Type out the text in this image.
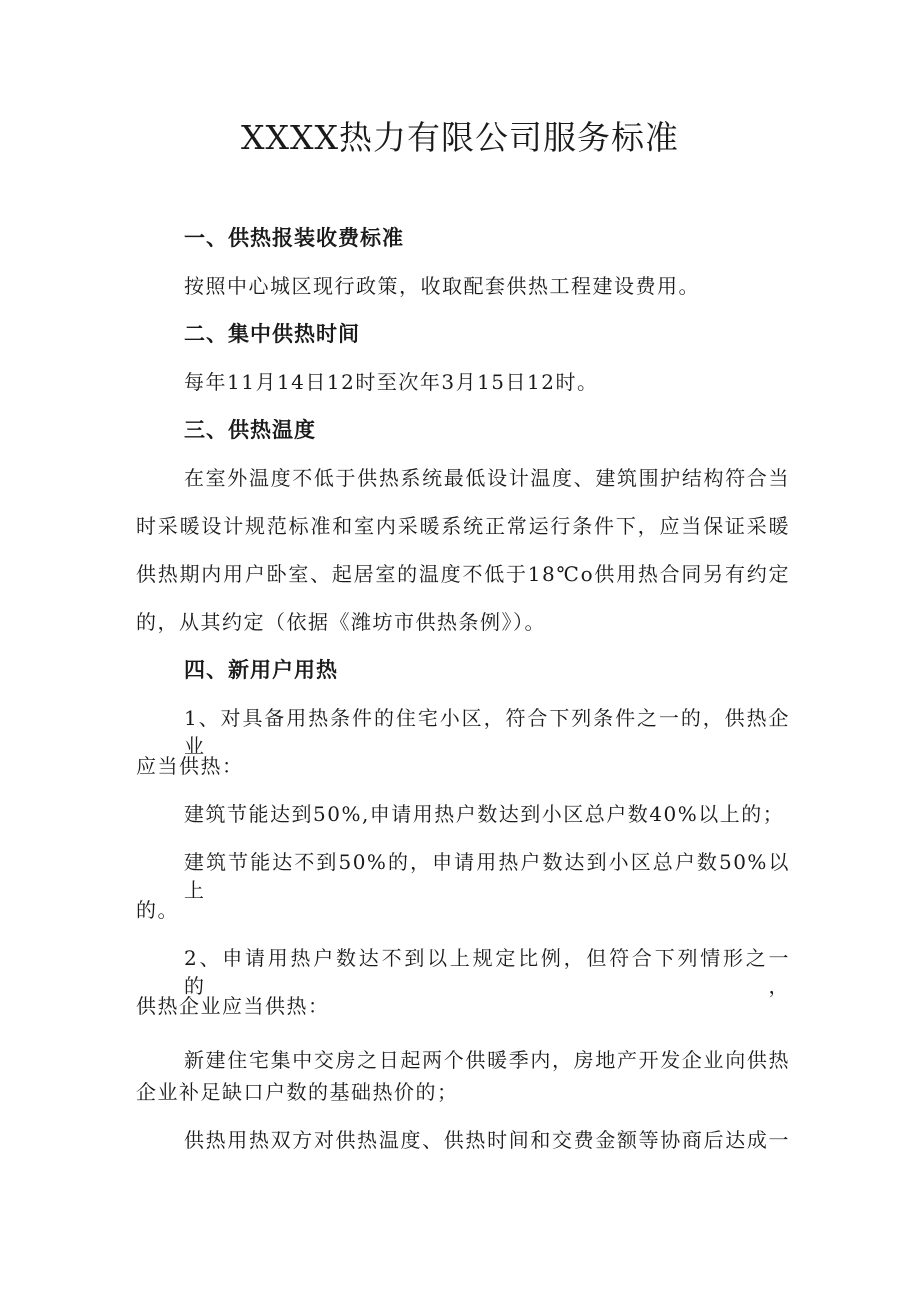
XXXX热力有限公司服务标准
一、供热报装收费标准
按照中心城区现行政策，收取配套供热工程建设费用。
二、集中供热时间
每年11月14日12时至次年3月15日12时。
三、供热温度
在室外温度不低于供热系统最低设计温度、建筑围护结构符合当
时采暖设计规范标准和室内采暖系统正常运行条件下，应当保证采暖
供热期内用户卧室、起居室的温度不低于18℃o供用热合同另有约定
的，从其约定（依据《潍坊市供热条例》）。
四、新用户用热
1、对具备用热条件的住宅小区，符合下列条件之一的，供热企业
应当供热：
建筑节能达到50%,申请用热户数达到小区总户数40%以上的；
建筑节能达不到50%的，申请用热户数达到小区总户数50%以上
的。
2、申请用热户数达不到以上规定比例，但符合下列情形之一的，
供热企业应当供热：
新建住宅集中交房之日起两个供暖季内，房地产开发企业向供热
企业补足缺口户数的基础热价的；
供热用热双方对供热温度、供热时间和交费金额等协商后达成一
